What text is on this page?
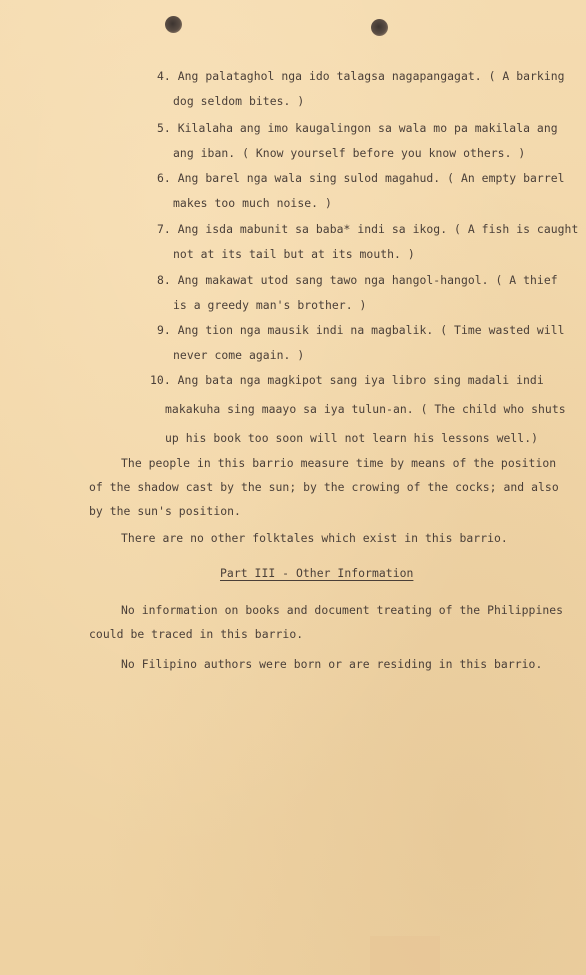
4. Ang palataghol nga ido talagsa nagapangagat. ( A barking
dog seldom bites. )
5. Kilalaha ang imo kaugalingon sa wala mo pa makilala ang
ang iban. ( Know yourself before you know others. )
6. Ang barel nga wala sing sulod magahud. ( An empty barrel
makes too much noise. )
7. Ang isda mabunit sa baba* indi sa ikog. ( A fish is caught
not at its tail but at its mouth. )
8. Ang makawat utod sang tawo nga hangol-hangol. ( A thief
is a greedy man's brother. )
9. Ang tion nga mausik indi na magbalik. ( Time wasted will
never come again. )
10. Ang bata nga magkipot sang iya libro sing madali indi
makakuha sing maayo sa iya tulun-an. ( The child who shuts
up his book too soon will not learn his lessons well.)
The people in this barrio measure time by means of the position
of the shadow cast by the sun; by the crowing of the cocks; and also
by the sun's position.
There are no other folktales which exist in this barrio.
Part III - Other Information
No information on books and document treating of the Philippines
could be traced in this barrio.
No Filipino authors were born or are residing in this barrio.
